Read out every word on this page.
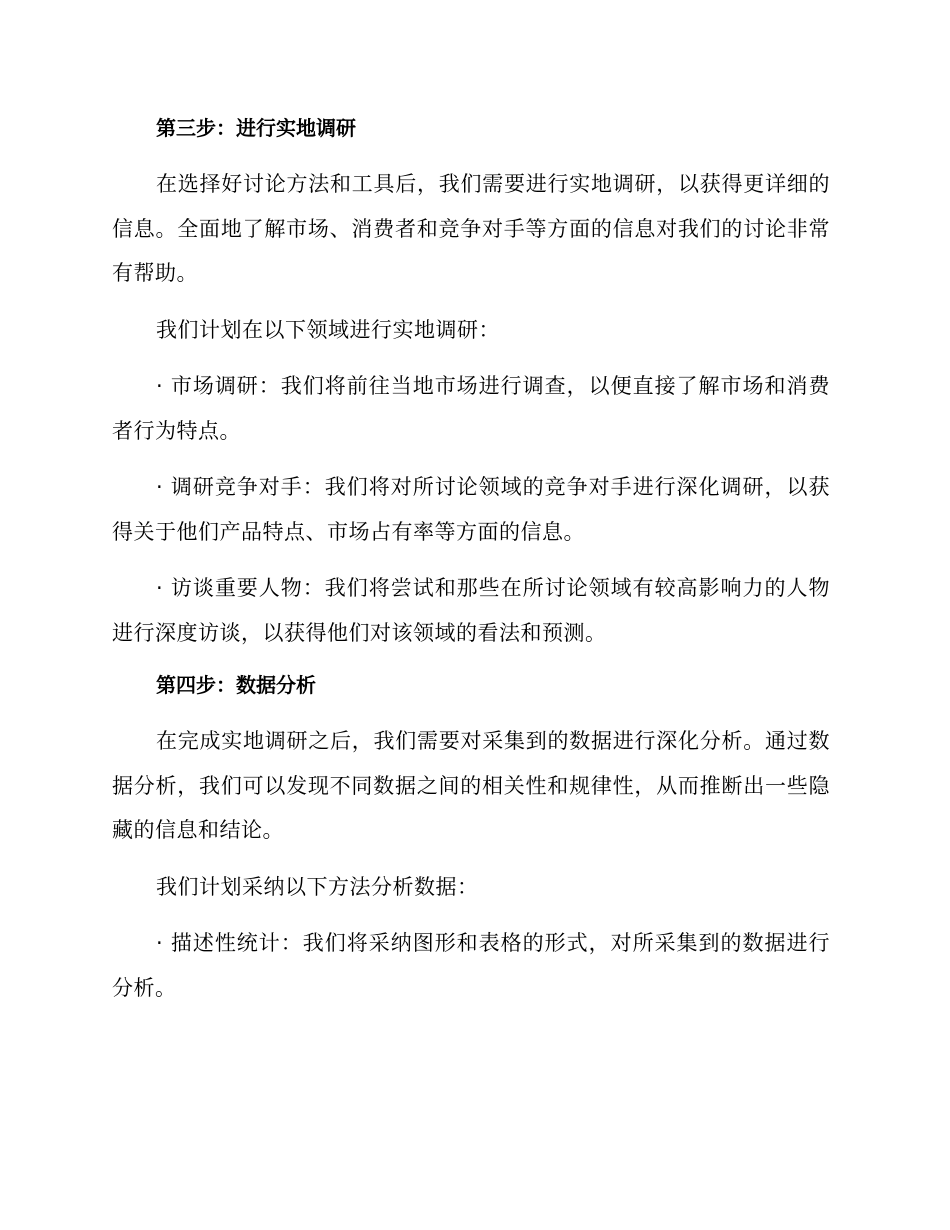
第三步：进行实地调研
在选择好讨论方法和工具后，我们需要进行实地调研，以获得更详细的信息。全面地了解市场、消费者和竞争对手等方面的信息对我们的讨论非常有帮助。
我们计划在以下领域进行实地调研：
· 市场调研：我们将前往当地市场进行调查，以便直接了解市场和消费者行为特点。
· 调研竞争对手：我们将对所讨论领域的竞争对手进行深化调研，以获得关于他们产品特点、市场占有率等方面的信息。
· 访谈重要人物：我们将尝试和那些在所讨论领域有较高影响力的人物进行深度访谈，以获得他们对该领域的看法和预测。
第四步：数据分析
在完成实地调研之后，我们需要对采集到的数据进行深化分析。通过数据分析，我们可以发现不同数据之间的相关性和规律性，从而推断出一些隐藏的信息和结论。
我们计划采纳以下方法分析数据：
· 描述性统计：我们将采纳图形和表格的形式，对所采集到的数据进行分析。
